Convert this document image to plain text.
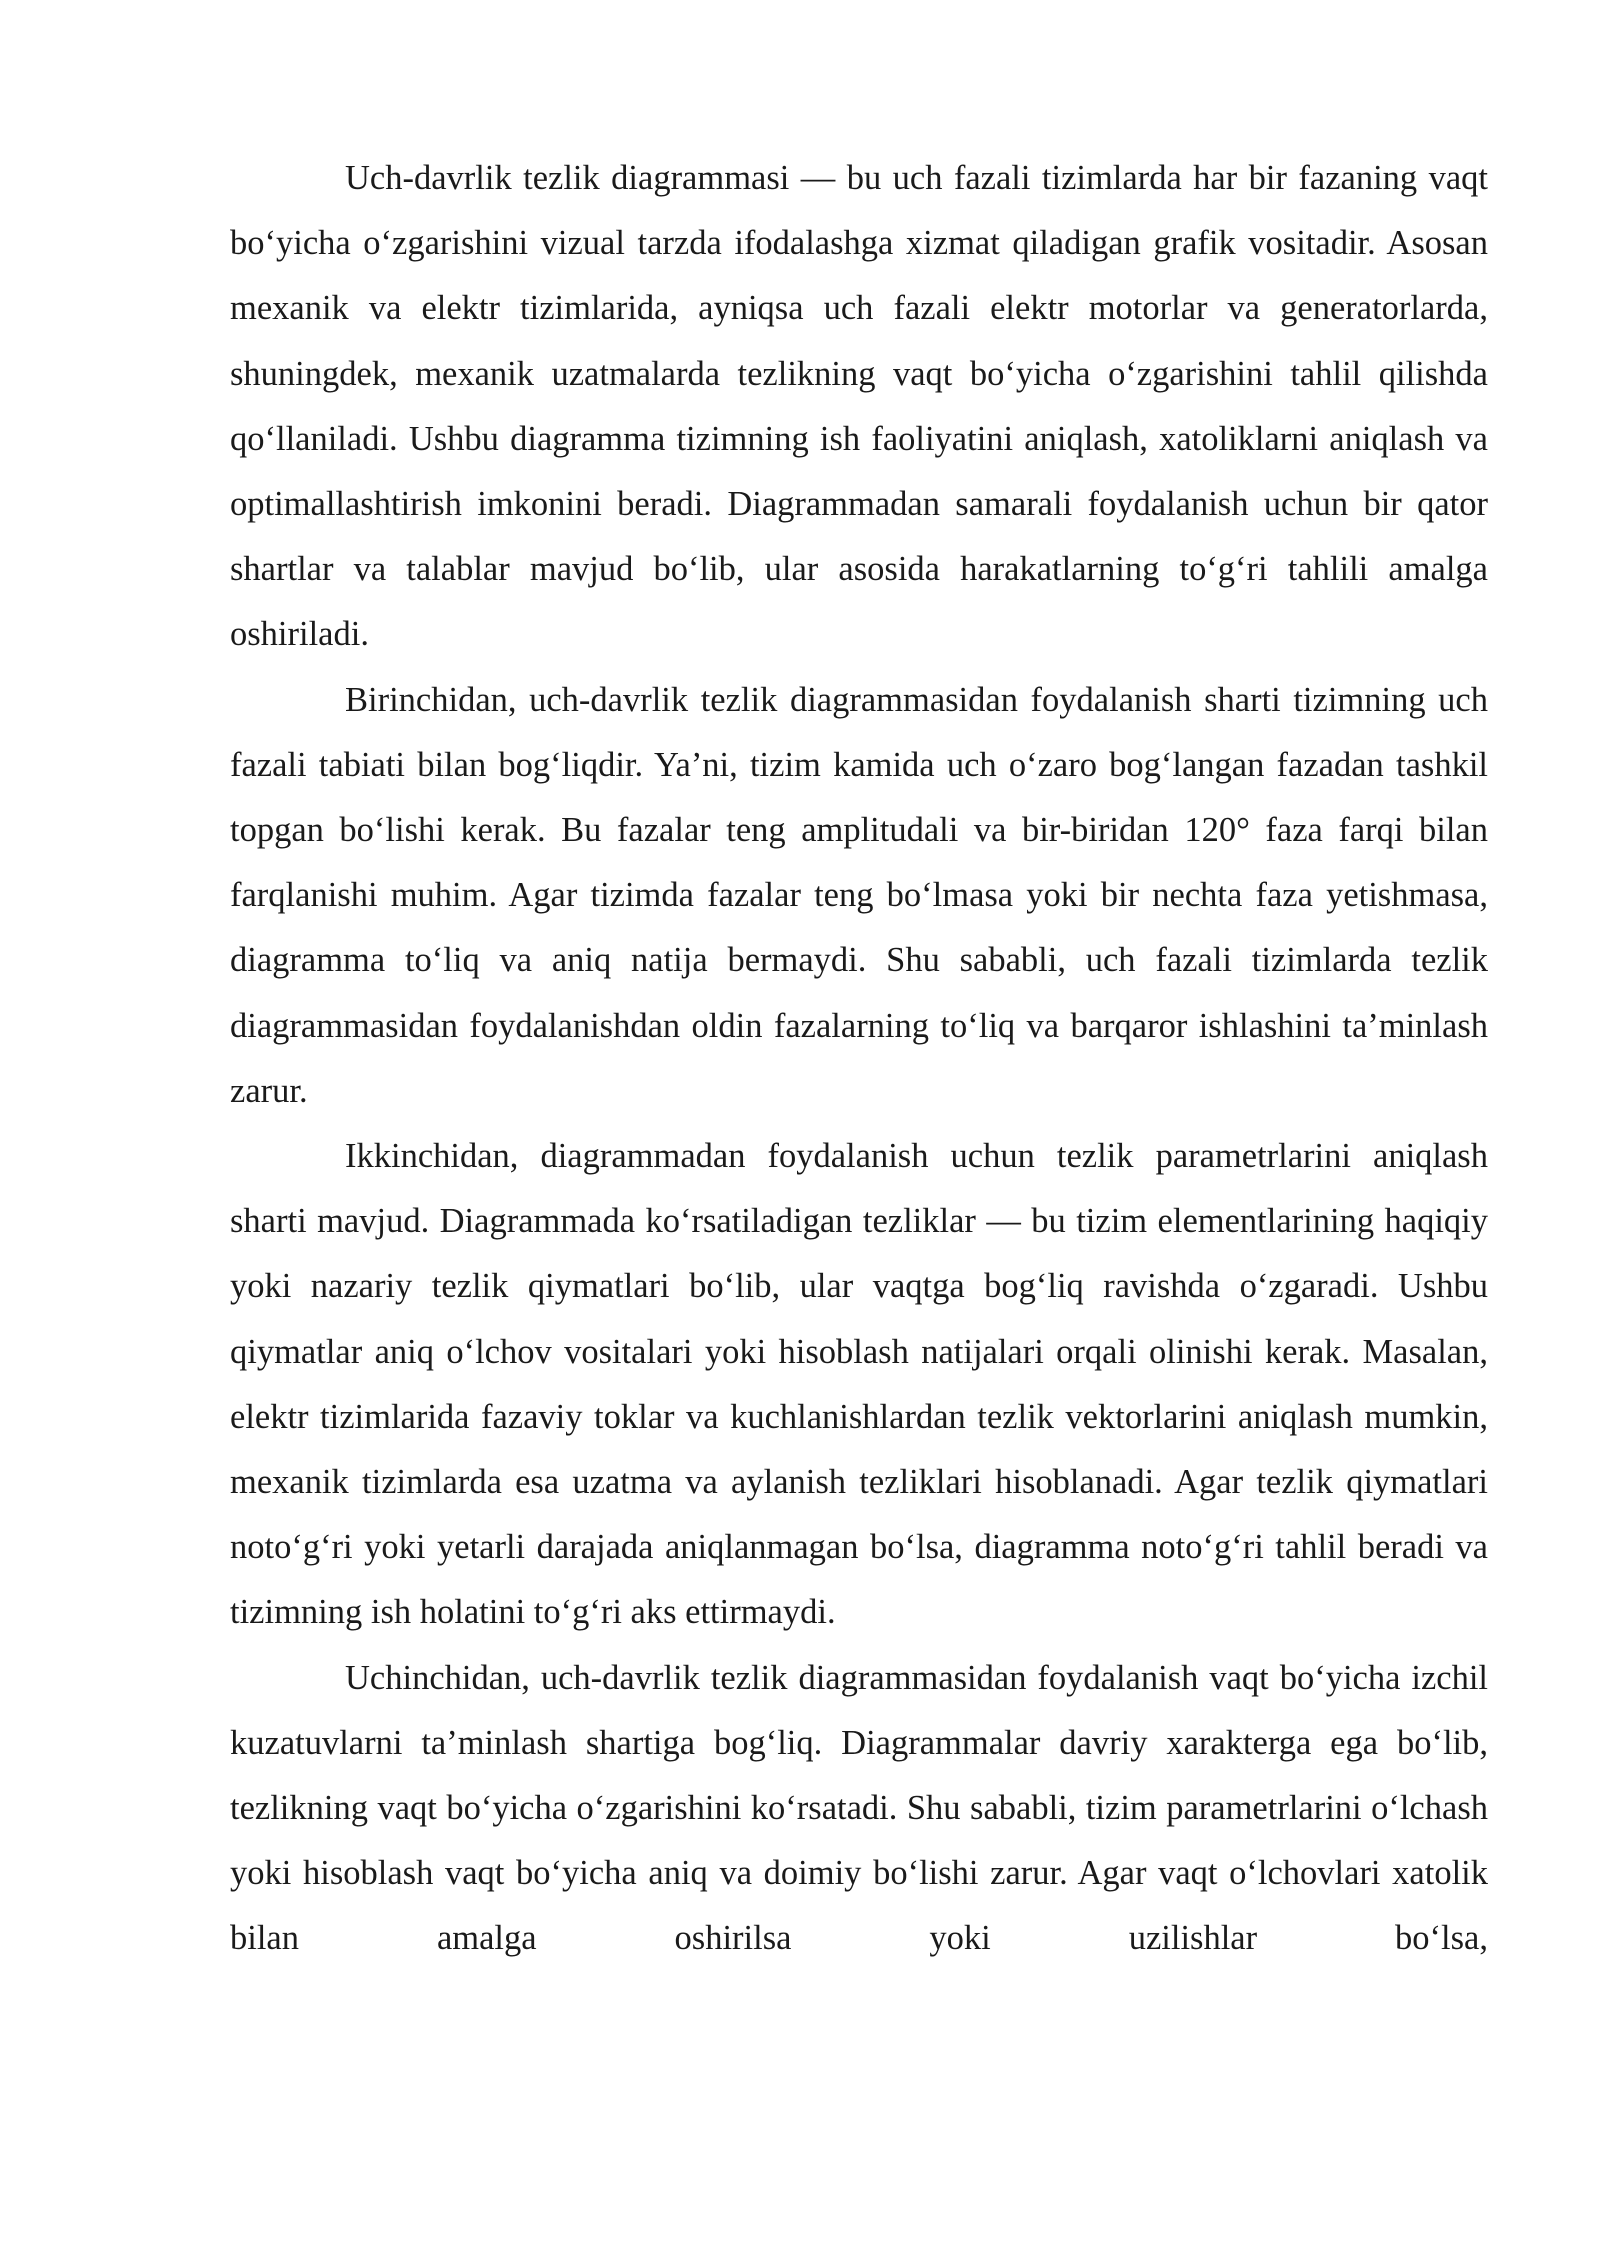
Uch-davrlik tezlik diagrammasi — bu uch fazali tizimlarda har bir fazaning vaqt bo‘yicha o‘zgarishini vizual tarzda ifodalashga xizmat qiladigan grafik vositadir. Asosan mexanik va elektr tizimlarida, ayniqsa uch fazali elektr motorlar va generatorlarda, shuningdek, mexanik uzatmalarda tezlikning vaqt bo‘yicha o‘zgarishini tahlil qilishda qo‘llaniladi. Ushbu diagramma tizimning ish faoliyatini aniqlash, xatoliklarni aniqlash va optimallashtirish imkonini beradi. Diagrammadan samarali foydalanish uchun bir qator shartlar va talablar mavjud bo‘lib, ular asosida harakatlarning to‘g‘ri tahlili amalga oshiriladi.

Birinchidan, uch-davrlik tezlik diagrammasidan foydalanish sharti tizimning uch fazali tabiati bilan bog‘liqdir. Ya’ni, tizim kamida uch o‘zaro bog‘langan fazadan tashkil topgan bo‘lishi kerak. Bu fazalar teng amplitudali va bir-biridan 120° faza farqi bilan farqlanishi muhim. Agar tizimda fazalar teng bo‘lmasa yoki bir nechta faza yetishmasa, diagramma to‘liq va aniq natija bermaydi. Shu sababli, uch fazali tizimlarda tezlik diagrammasidan foydalanishdan oldin fazalarning to‘liq va barqaror ishlashini ta’minlash zarur.

Ikkinchidan, diagrammadan foydalanish uchun tezlik parametrlarini aniqlash sharti mavjud. Diagrammada ko‘rsatiladigan tezliklar — bu tizim elementlarining haqiqiy yoki nazariy tezlik qiymatlari bo‘lib, ular vaqtga bog‘liq ravishda o‘zgaradi. Ushbu qiymatlar aniq o‘lchov vositalari yoki hisoblash natijalari orqali olinishi kerak. Masalan, elektr tizimlarida fazaviy toklar va kuchlanishlardan tezlik vektorlarini aniqlash mumkin, mexanik tizimlarda esa uzatma va aylanish tezliklari hisoblanadi. Agar tezlik qiymatlari noto‘g‘ri yoki yetarli darajada aniqlanmagan bo‘lsa, diagramma noto‘g‘ri tahlil beradi va tizimning ish holatini to‘g‘ri aks ettirmaydi.

Uchinchidan, uch-davrlik tezlik diagrammasidan foydalanish vaqt bo‘yicha izchil kuzatuvlarni ta’minlash shartiga bog‘liq. Diagrammalar davriy xarakterga ega bo‘lib, tezlikning vaqt bo‘yicha o‘zgarishini ko‘rsatadi. Shu sababli, tizim parametrlarini o‘lchash yoki hisoblash vaqt bo‘yicha aniq va doimiy bo‘lishi zarur. Agar vaqt o‘lchovlari xatolik bilan amalga oshirilsa yoki uzilishlar bo‘lsa,
